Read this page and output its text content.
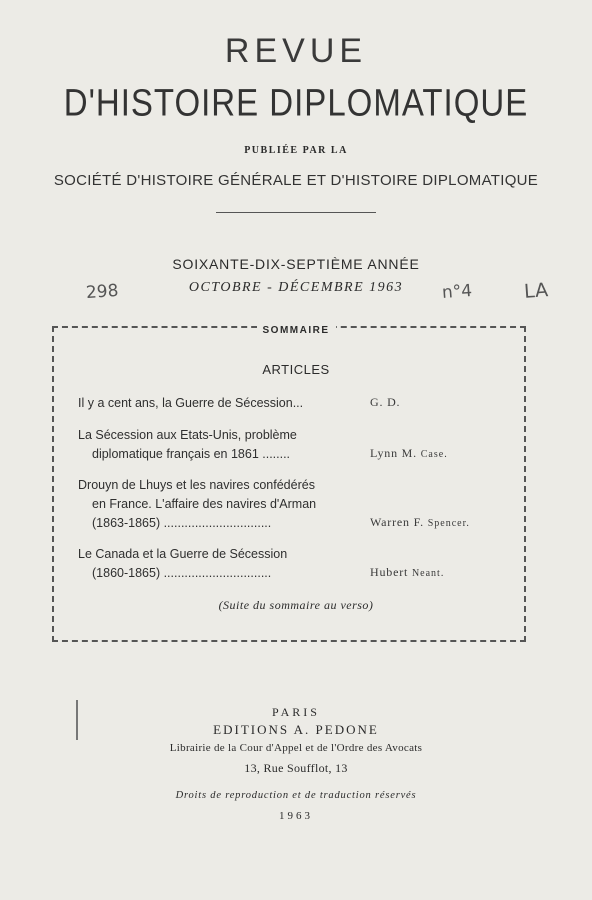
REVUE
D'HISTOIRE DIPLOMATIQUE
PUBLIÉE PAR LA
SOCIÉTÉ D'HISTOIRE GÉNÉRALE ET D'HISTOIRE DIPLOMATIQUE
SOIXANTE-DIX-SEPTIÈME ANNÉE
OCTOBRE - DÉCEMBRE 1963
298	n°4	LA
SOMMAIRE
ARTICLES
Il y a cent ans, la Guerre de Sécession...	G. D.
La Sécession aux Etats-Unis, problème
diplomatique français en 1861 ........	Lynn M. Case.
Drouyn de Lhuys et les navires confédérés
en France. L'affaire des navires d'Arman
(1863-1865) ...............................	Warren F. Spencer.
Le Canada et la Guerre de Sécession
(1860-1865) ...............................	Hubert Neant.
(Suite du sommaire au verso)
PARIS
EDITIONS A. PEDONE
Librairie de la Cour d'Appel et de l'Ordre des Avocats
13, Rue Soufflot, 13
Droits de reproduction et de traduction réservés
1963
